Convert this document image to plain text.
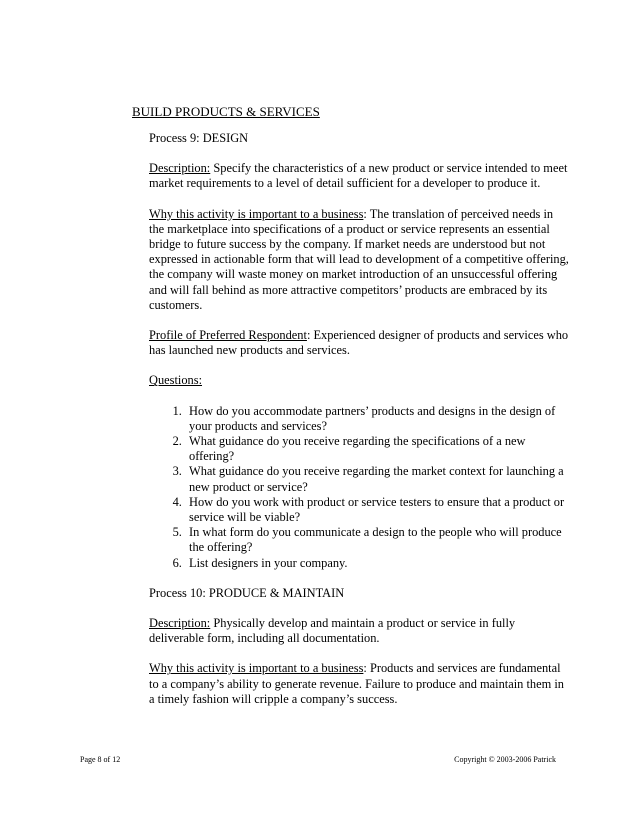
BUILD PRODUCTS & SERVICES

Process 9: DESIGN

Description: Specify the characteristics of a new product or service intended to meet market requirements to a level of detail sufficient for a developer to produce it.

Why this activity is important to a business: The translation of perceived needs in the marketplace into specifications of a product or service represents an essential bridge to future success by the company. If market needs are understood but not expressed in actionable form that will lead to development of a competitive offering, the company will waste money on market introduction of an unsuccessful offering and will fall behind as more attractive competitors’ products are embraced by its customers.

Profile of Preferred Respondent: Experienced designer of products and services who has launched new products and services.

Questions:

1. How do you accommodate partners’ products and designs in the design of your products and services?
2. What guidance do you receive regarding the specifications of a new offering?
3. What guidance do you receive regarding the market context for launching a new product or service?
4. How do you work with product or service testers to ensure that a product or service will be viable?
5. In what form do you communicate a design to the people who will produce the offering?
6. List designers in your company.

Process 10: PRODUCE & MAINTAIN

Description: Physically develop and maintain a product or service in fully deliverable form, including all documentation.

Why this activity is important to a business: Products and services are fundamental to a company’s ability to generate revenue. Failure to produce and maintain them in a timely fashion will cripple a company’s success.

Page 8 of 12	Copyright © 2003-2006 Patrick
